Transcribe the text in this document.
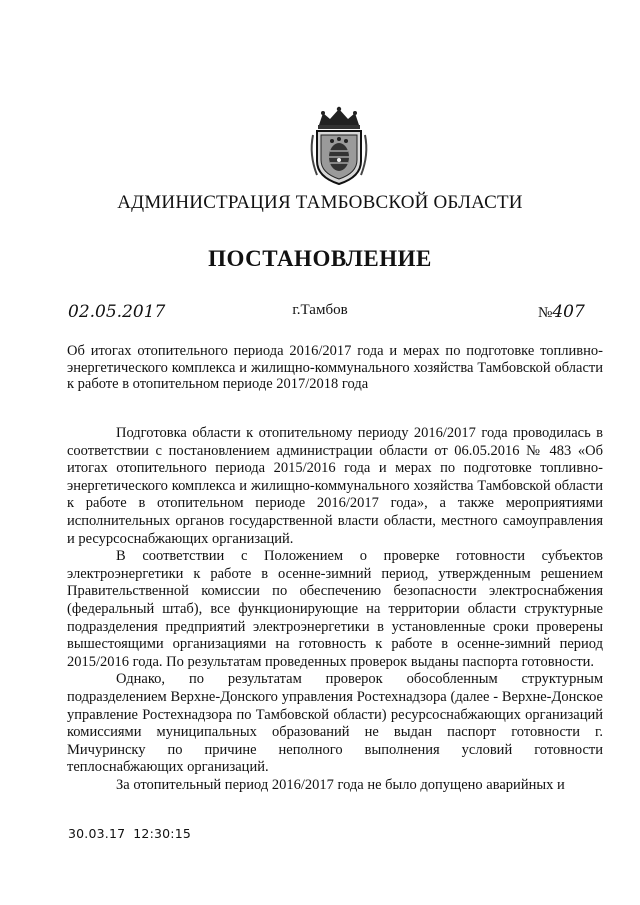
АДМИНИСТРАЦИЯ ТАМБОВСКОЙ ОБЛАСТИ
ПОСТАНОВЛЕНИЕ
02.05.2017	г.Тамбов	№407
Об итогах отопительного периода 2016/2017 года и мерах по подготовке топливно-энергетического комплекса и жилищно-коммунального хозяйства Тамбовской области к работе в отопительном периоде 2017/2018 года

Подготовка области к отопительному периоду 2016/2017 года проводилась в соответствии с постановлением администрации области от 06.05.2016 № 483 «Об итогах отопительного периода 2015/2016 года и мерах по подготовке топливно-энергетического комплекса и жилищно-коммунального хозяйства Тамбовской области к работе в отопительном периоде 2016/2017 года», а также мероприятиями исполнительных органов государственной власти области, местного самоуправления и ресурсоснабжающих организаций.

В соответствии с Положением о проверке готовности субъектов электроэнергетики к работе в осенне-зимний период, утвержденным решением Правительственной комиссии по обеспечению безопасности электроснабжения (федеральный штаб), все функционирующие на территории области структурные подразделения предприятий электроэнергетики в установленные сроки проверены вышестоящими организациями на готовность к работе в осенне-зимний период 2015/2016 года. По результатам проведенных проверок выданы паспорта готовности.

Однако, по результатам проверок обособленным структурным подразделением Верхне-Донского управления Ростехнадзора (далее - Верхне-Донское управление Ростехнадзора по Тамбовской области) ресурсоснабжающих организаций комиссиями муниципальных образований не выдан паспорт готовности г. Мичуринску по причине неполного выполнения условий готовности теплоснабжающих организаций.

За отопительный период 2016/2017 года не было допущено аварийных и

30.03.17 12:30:15
